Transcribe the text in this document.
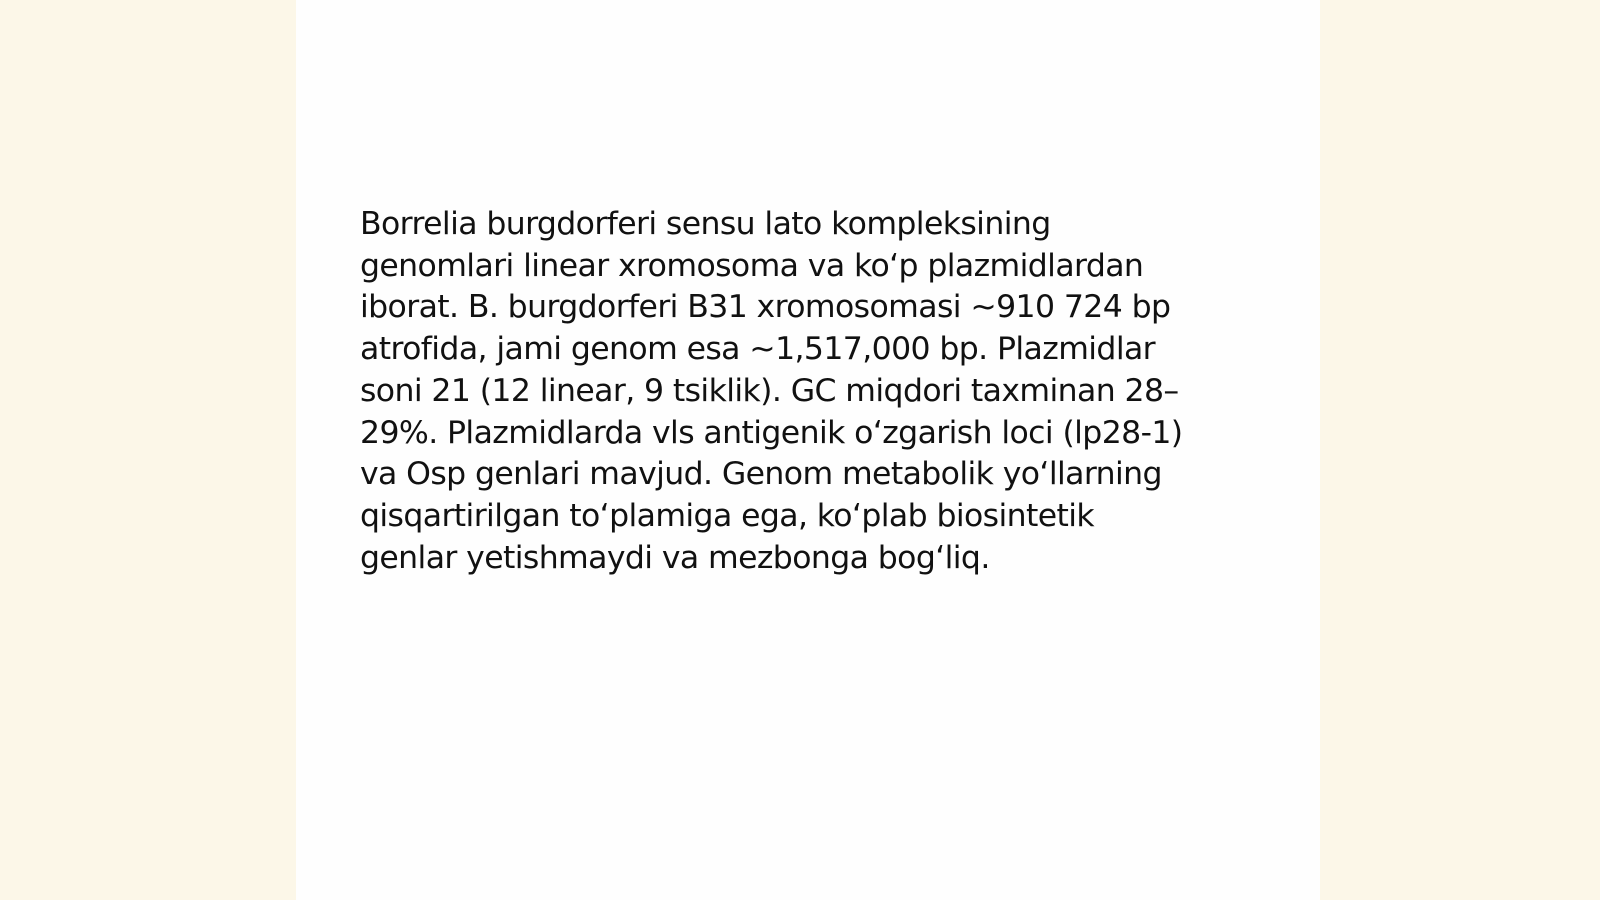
Borrelia burgdorferi sensu lato kompleksining
genomlari linear xromosoma va koʻp plazmidlardan
iborat. B. burgdorferi B31 xromosomasi ~910 724 bp
atrofida, jami genom esa ~1,517,000 bp. Plazmidlar
soni 21 (12 linear, 9 tsiklik). GC miqdori taxminan 28–
29%. Plazmidlarda vls antigenik oʻzgarish loci (lp28-1)
va Osp genlari mavjud. Genom metabolik yoʻllarning
qisqartirilgan toʻplamiga ega, koʻplab biosintetik
genlar yetishmaydi va mezbonga bogʻliq.
